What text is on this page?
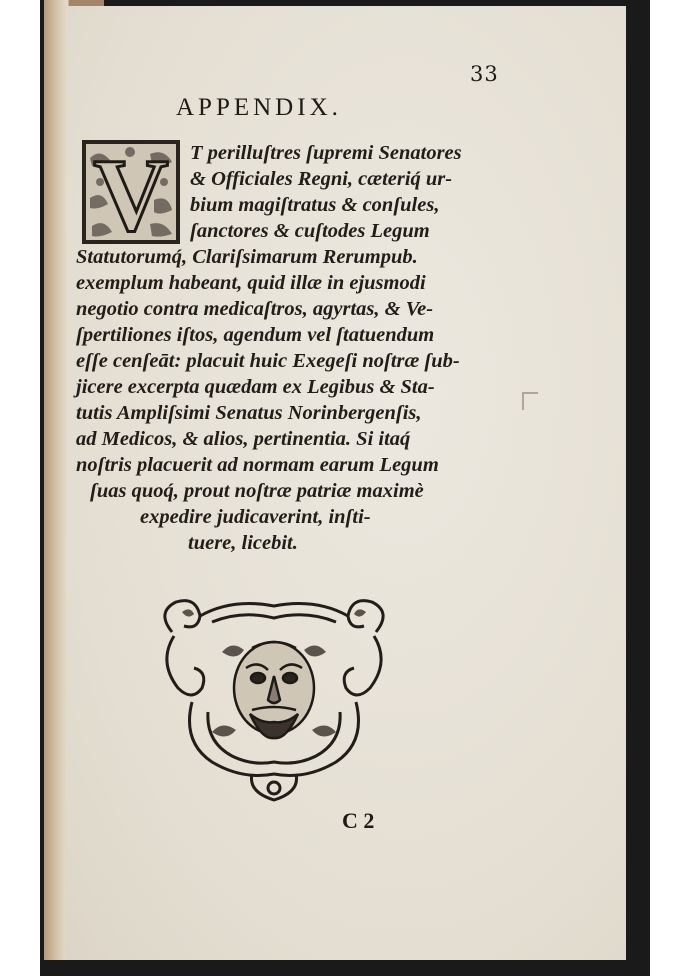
33
APPENDIX.
V T perilluſtres ſupremi Senatores
& Officiales Regni, cæteriq́ ur-
bium magiſtratus & conſules,
ſanctores & cuſtodes Legum
Statutorumq́, Clariſsimarum Rerumpub.
exemplum habeant, quid illæ in ejusmodi
negotio contra medicaſtros, agyrtas, & Ve-
ſpertiliones iſtos, agendum vel ſtatuendum
eſſe cenſeāt: placuit huic Exegeſi noſtræ ſub-
jicere excerpta quædam ex Legibus & Sta-
tutis Ampliſsimi Senatus Norinbergenſis,
ad Medicos, & alios, pertinentia. Si itaq́
noſtris placuerit ad normam earum Legum
ſuas quoq́, prout noſtræ patriæ maximè
expedire judicaverint, inſti-
tuere, licebit.
C 2
